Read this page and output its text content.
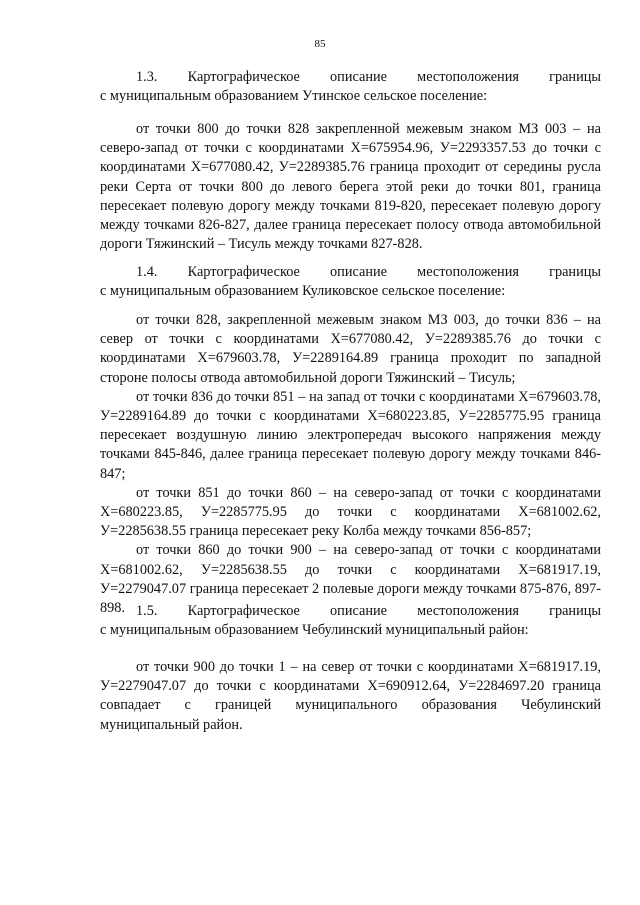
85

1.3. Картографическое описание местоположения границы

с муниципальным образованием Утинское сельское поселение:

от точки 800 до точки 828 закрепленной межевым знаком МЗ 003 – на северо-запад от точки с координатами Х=675954.96, У=2293357.53 до точки с координатами Х=677080.42, У=2289385.76 граница проходит от середины русла реки Серта от точки 800 до левого берега этой реки до точки 801, граница пересекает полевую дорогу между точками 819-820, пересекает полевую дорогу между точками 826-827, далее граница пересекает полосу отвода автомобильной дороги Тяжинский – Тисуль между точками 827-828.

1.4. Картографическое описание местоположения границы

с муниципальным образованием Куликовское сельское поселение:

от точки 828, закрепленной межевым знаком МЗ 003, до точки 836 – на север от точки с координатами Х=677080.42, У=2289385.76 до точки с координатами Х=679603.78, У=2289164.89 граница проходит по западной стороне полосы отвода автомобильной дороги Тяжинский – Тисуль;

от точки 836 до точки 851 – на запад от точки с координатами Х=679603.78, У=2289164.89 до точки с координатами Х=680223.85, У=2285775.95 граница пересекает воздушную линию электропередач высокого напряжения между точками 845-846, далее граница пересекает полевую дорогу между точками 846-847;

от точки 851 до точки 860 – на северо-запад от точки с координатами Х=680223.85, У=2285775.95 до точки с координатами Х=681002.62, У=2285638.55 граница пересекает реку Колба между точками 856-857;

от точки 860 до точки 900 – на северо-запад от точки с координатами Х=681002.62, У=2285638.55 до точки с координатами Х=681917.19, У=2279047.07 граница пересекает 2 полевые дороги между точками 875-876, 897-898. 1.5. Картографическое описание местоположения границы

с муниципальным образованием Чебулинский муниципальный район:

от точки 900 до точки 1 – на север от точки с координатами Х=681917.19, У=2279047.07 до точки с координатами Х=690912.64, У=2284697.20 граница совпадает с границей муниципального образования Чебулинский муниципальный район.
